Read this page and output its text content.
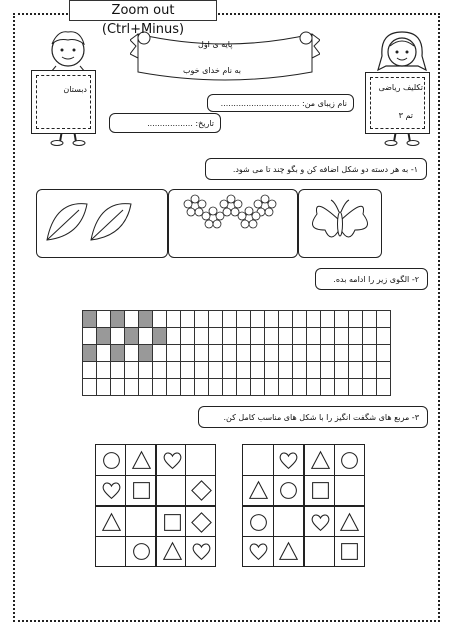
Zoom out (Ctrl+Minus)
دبستان	تکلیف ریاضی
تم ۳
پایه ی اول
به نام خدای خوب
نام زیبای من: ...............................
تاریخ: ..................
۱- به هر دسته دو شکل اضافه کن و بگو چند تا می شود.
۲- الگوی زیر را ادامه بده.
۳- مربع های شگفت انگیز را با شکل های مناسب کامل کن.
